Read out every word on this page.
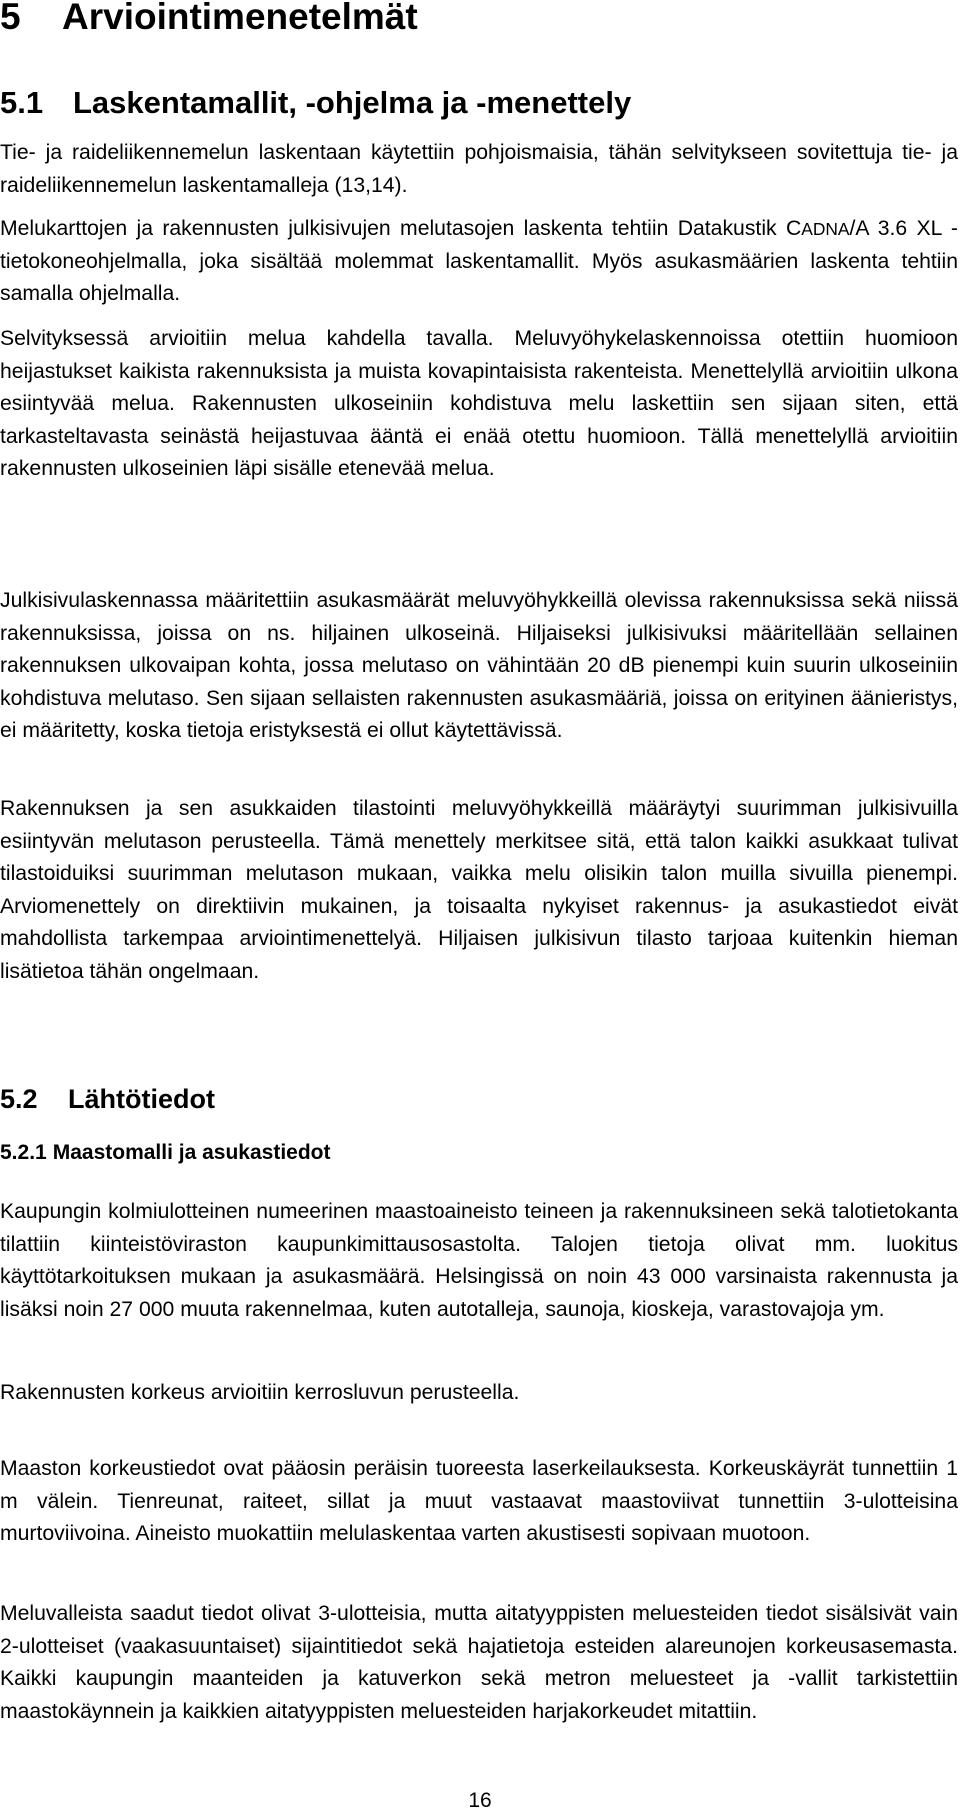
5 Arviointimenetelmät
5.1 Laskentamallit, -ohjelma ja -menettely

Tie- ja raideliikennemelun laskentaan käytettiin pohjoismaisia, tähän selvitykseen sovitettuja tie- ja raideliikennemelun laskentamalleja (13,14).

Melukarttojen ja rakennusten julkisivujen melutasojen laskenta tehtiin Datakustik CADNA/A 3.6 XL -tietokoneohjelmalla, joka sisältää molemmat laskentamallit. Myös asukasmäärien laskenta tehtiin samalla ohjelmalla.

Selvityksessä arvioitiin melua kahdella tavalla. Meluvyöhykelaskennoissa otettiin huomioon heijastukset kaikista rakennuksista ja muista kovapintaisista rakenteista. Menettelyllä arvioitiin ulkona esiintyvää melua. Rakennusten ulkoseiniin kohdistuva melu laskettiin sen sijaan siten, että tarkasteltavasta seinästä heijastuvaa ääntä ei enää otettu huomioon. Tällä menettelyllä arvioitiin rakennusten ulkoseinien läpi sisälle etenevää melua.

Julkisivulaskennassa määritettiin asukasmäärät meluvyöhykkeillä olevissa rakennuksissa sekä niissä rakennuksissa, joissa on ns. hiljainen ulkoseinä. Hiljaiseksi julkisivuksi määritellään sellainen rakennuksen ulkovaipan kohta, jossa melutaso on vähintään 20 dB pienempi kuin suurin ulkoseiniin kohdistuva melutaso. Sen sijaan sellaisten rakennusten asukasmääriä, joissa on erityinen äänieristys, ei määritetty, koska tietoja eristyksestä ei ollut käytettävissä.

Rakennuksen ja sen asukkaiden tilastointi meluvyöhykkeillä määräytyi suurimman julkisivuilla esiintyvän melutason perusteella. Tämä menettely merkitsee sitä, että talon kaikki asukkaat tulivat tilastoiduiksi suurimman melutason mukaan, vaikka melu olisikin talon muilla sivuilla pienempi. Arviomenettely on direktiivin mukainen, ja toisaalta nykyiset rakennus- ja asukastiedot eivät mahdollista tarkempaa arviointimenettelyä. Hiljaisen julkisivun tilasto tarjoaa kuitenkin hieman lisätietoa tähän ongelmaan.

5.2 Lähtötiedot
5.2.1 Maastomalli ja asukastiedot

Kaupungin kolmiulotteinen numeerinen maastoaineisto teineen ja rakennuksineen sekä talotietokanta tilattiin kiinteistöviraston kaupunkimittausosastolta. Talojen tietoja olivat mm. luokitus käyttötarkoituksen mukaan ja asukasmäärä. Helsingissä on noin 43 000 varsinaista rakennusta ja lisäksi noin 27 000 muuta rakennelmaa, kuten autotalleja, saunoja, kioskeja, varastovajoja ym.

Rakennusten korkeus arvioitiin kerrosluvun perusteella.

Maaston korkeustiedot ovat pääosin peräisin tuoreesta laserkeilauksesta. Korkeuskäyrät tunnettiin 1 m välein. Tienreunat, raiteet, sillat ja muut vastaavat maastoviivat tunnettiin 3-ulotteisina murtoviivoina. Aineisto muokattiin melulaskentaa varten akustisesti sopivaan muotoon.

Meluvalleista saadut tiedot olivat 3-ulotteisia, mutta aitatyyppisten meluesteiden tiedot sisälsivät vain 2-ulotteiset (vaakasuuntaiset) sijaintitiedot sekä hajatietoja esteiden alareunojen korkeusasemasta. Kaikki kaupungin maanteiden ja katuverkon sekä metron meluesteet ja -vallit tarkistettiin maastokäynnein ja kaikkien aitatyyppisten meluesteiden harjakorkeudet mitattiin.

16
